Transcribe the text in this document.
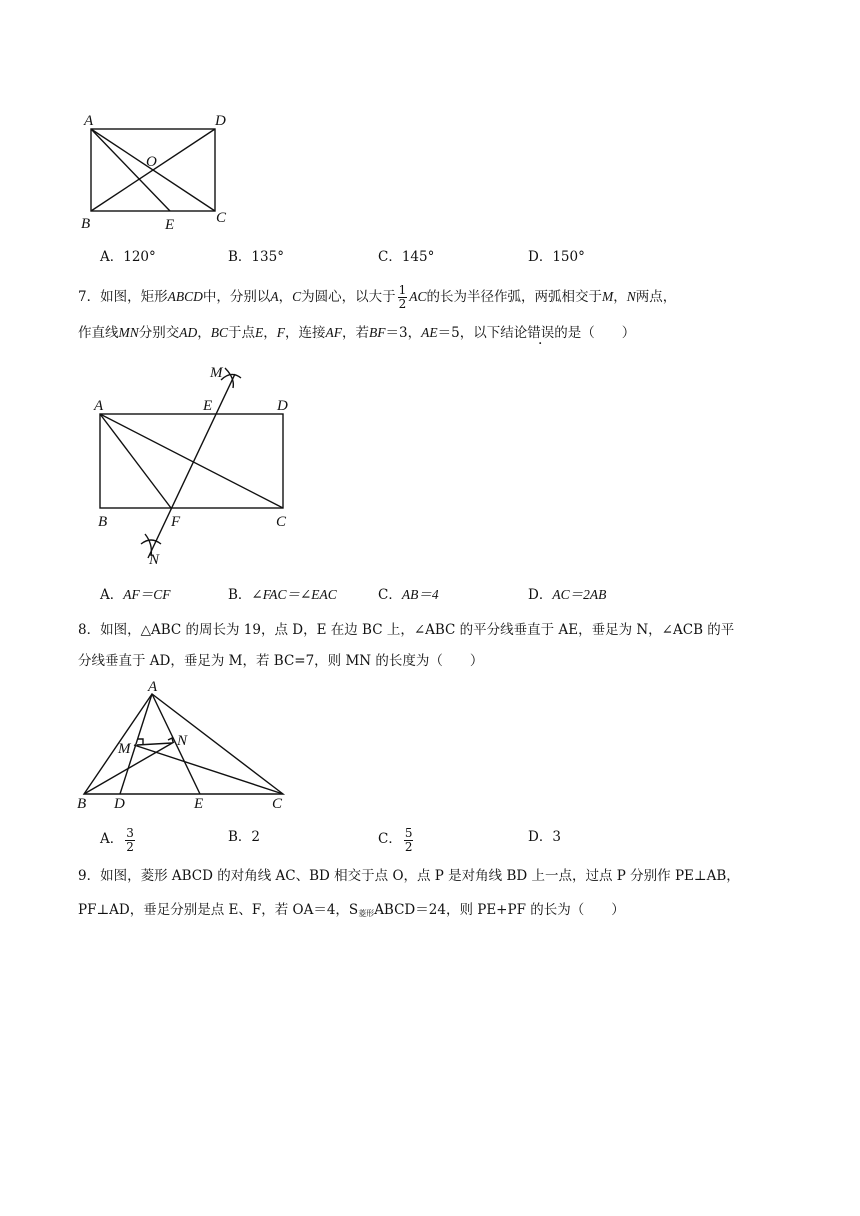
A	D
O
B	E	C
A．120°	B．135°	C．145°	D．150°
7．如图，矩形ABCD中，分别以A，C为圆心，以大于 $\frac{1}{2}$ AC的长为半径作弧，两弧相交于M，N两点，
作直线MN分别交AD，BC于点E，F，连接AF，若BF＝3，AE＝5，以下结论错误的是（　　）
M
A	E	D
B	F	C
N
A．AF＝CF	B．∠FAC＝∠EAC	C．AB＝4	D．AC＝2AB
8．如图，△ABC 的周长为 19，点 D，E 在边 BC 上，∠ABC 的平分线垂直于 AE，垂足为 N，∠ACB 的平
分线垂直于 AD，垂足为 M，若 BC=7，则 MN 的长度为（　　）
A
M	N
B D	E	C
A． $\frac{3}{2}$	B．2	C． $\frac{5}{2}$	D．3
9．如图，菱形 ABCD 的对角线 AC、BD 相交于点 O，点 P 是对角线 BD 上一点，过点 P 分别作 PE⊥AB，
PF⊥AD，垂足分别是点 E、F，若 OA＝4，$S_{菱形}ABCD=24$，则 PE+PF 的长为（　　）
